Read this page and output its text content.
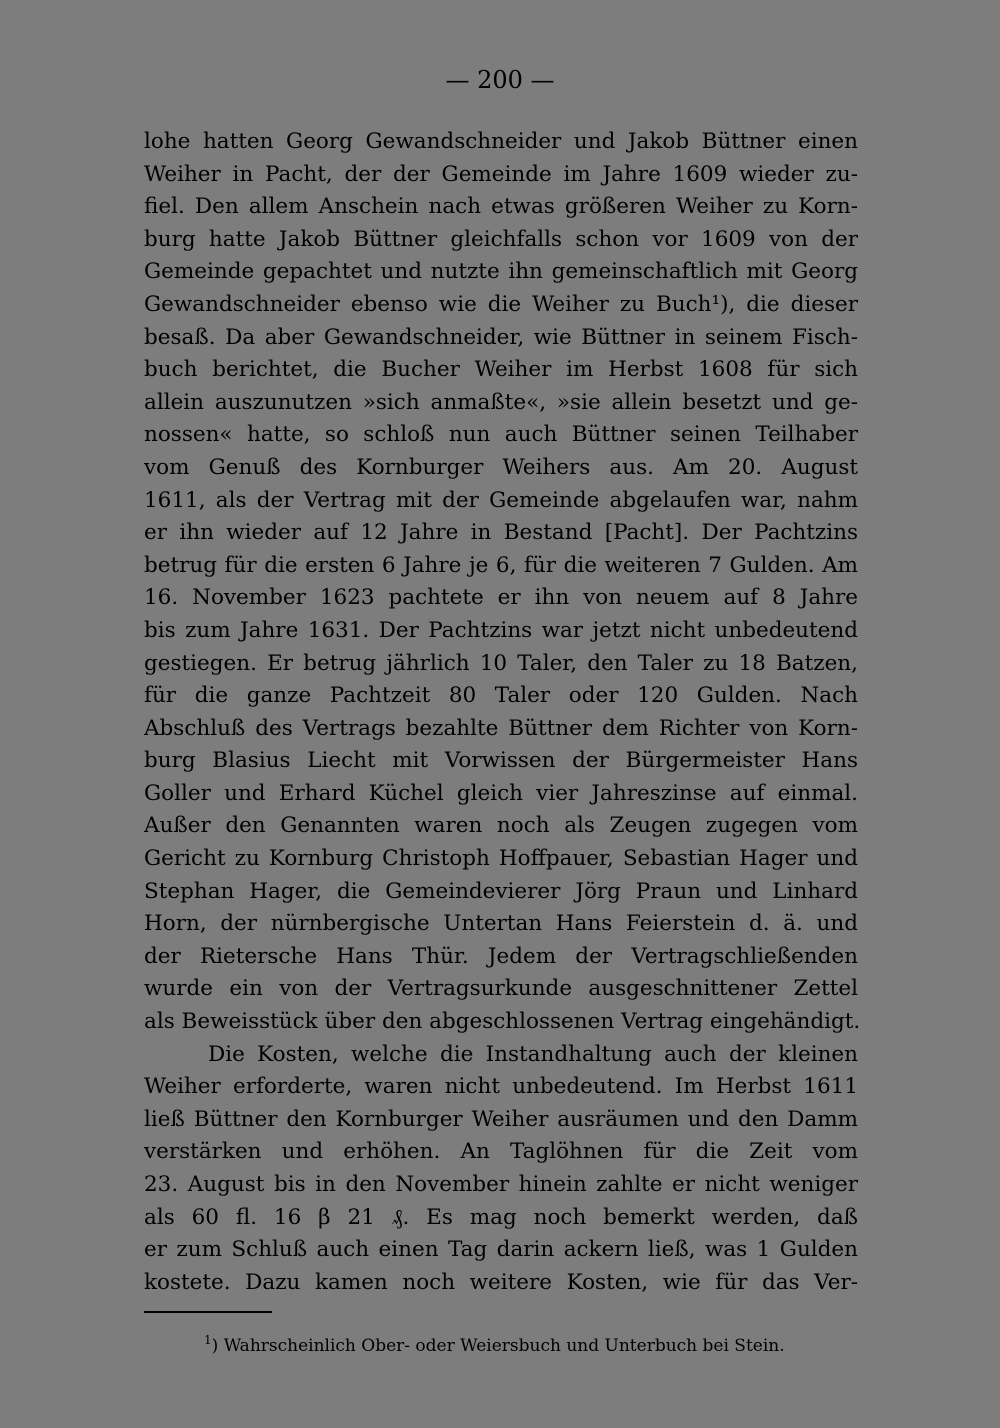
— 200 —
lohe hatten Georg Gewandschneider und Jakob Büttner einen
Weiher in Pacht, der der Gemeinde im Jahre 1609 wieder zu-
fiel. Den allem Anschein nach etwas größeren Weiher zu Korn-
burg hatte Jakob Büttner gleichfalls schon vor 1609 von der
Gemeinde gepachtet und nutzte ihn gemeinschaftlich mit Georg
Gewandschneider ebenso wie die Weiher zu Buch¹), die dieser
besaß. Da aber Gewandschneider, wie Büttner in seinem Fisch-
buch berichtet, die Bucher Weiher im Herbst 1608 für sich
allein auszunutzen »sich anmaßte«, »sie allein besetzt und ge-
nossen« hatte, so schloß nun auch Büttner seinen Teilhaber
vom Genuß des Kornburger Weihers aus. Am 20. August
1611, als der Vertrag mit der Gemeinde abgelaufen war, nahm
er ihn wieder auf 12 Jahre in Bestand [Pacht]. Der Pachtzins
betrug für die ersten 6 Jahre je 6, für die weiteren 7 Gulden. Am
16. November 1623 pachtete er ihn von neuem auf 8 Jahre
bis zum Jahre 1631. Der Pachtzins war jetzt nicht unbedeutend
gestiegen. Er betrug jährlich 10 Taler, den Taler zu 18 Batzen,
für die ganze Pachtzeit 80 Taler oder 120 Gulden. Nach
Abschluß des Vertrags bezahlte Büttner dem Richter von Korn-
burg Blasius Liecht mit Vorwissen der Bürgermeister Hans
Goller und Erhard Küchel gleich vier Jahreszinse auf einmal.
Außer den Genannten waren noch als Zeugen zugegen vom
Gericht zu Kornburg Christoph Hoffpauer, Sebastian Hager und
Stephan Hager, die Gemeindevierer Jörg Praun und Linhard
Horn, der nürnbergische Untertan Hans Feierstein d. ä. und
der Rietersche Hans Thür. Jedem der Vertragschließenden
wurde ein von der Vertragsurkunde ausgeschnittener Zettel
als Beweisstück über den abgeschlossenen Vertrag eingehändigt.
Die Kosten, welche die Instandhaltung auch der kleinen
Weiher erforderte, waren nicht unbedeutend. Im Herbst 1611
ließ Büttner den Kornburger Weiher ausräumen und den Damm
verstärken und erhöhen. An Taglöhnen für die Zeit vom
23. August bis in den November hinein zahlte er nicht weniger
als 60 fl. 16 β 21 ₰. Es mag noch bemerkt werden, daß
er zum Schluß auch einen Tag darin ackern ließ, was 1 Gulden
kostete. Dazu kamen noch weitere Kosten, wie für das Ver-
$^1$) Wahrscheinlich Ober- oder Weiersbuch und Unterbuch bei Stein.
